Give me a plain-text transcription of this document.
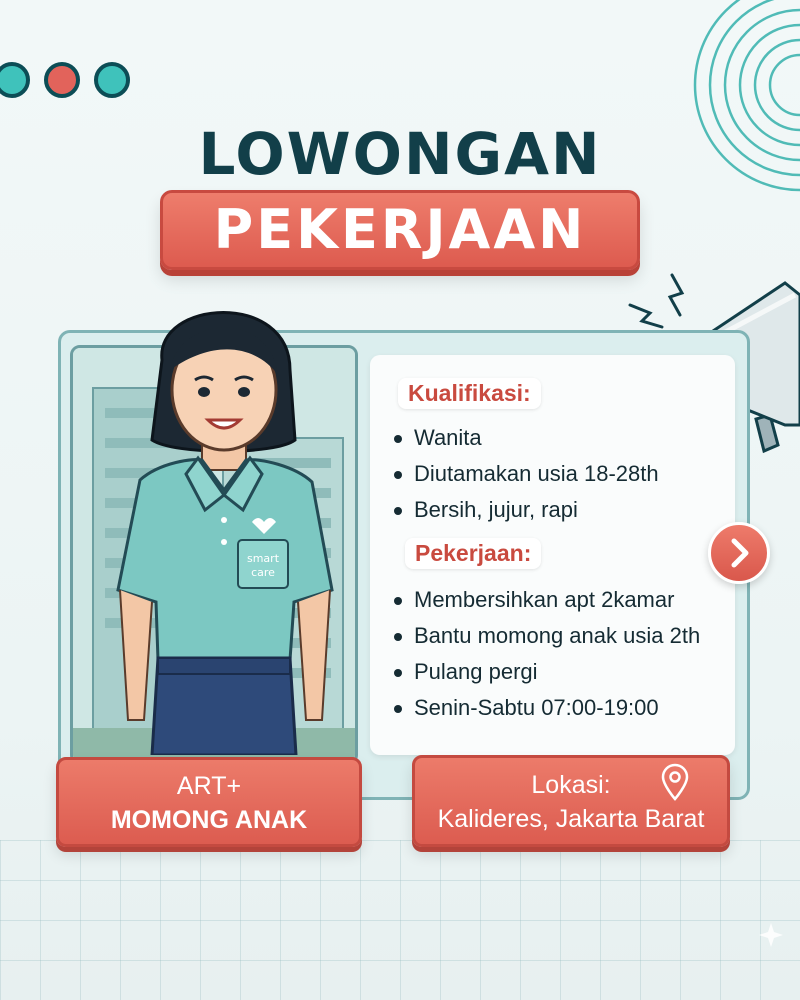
LOWONGAN
PEKERJAAN
smart
care
Kualifikasi:
Wanita
Diutamakan usia 18-28th
Bersih, jujur, rapi
Pekerjaan:
Membersihkan apt 2kamar
Bantu momong anak usia 2th
Pulang pergi
Senin-Sabtu 07:00-19:00
ART+
MOMONG ANAK
Lokasi:
Kalideres, Jakarta Barat
